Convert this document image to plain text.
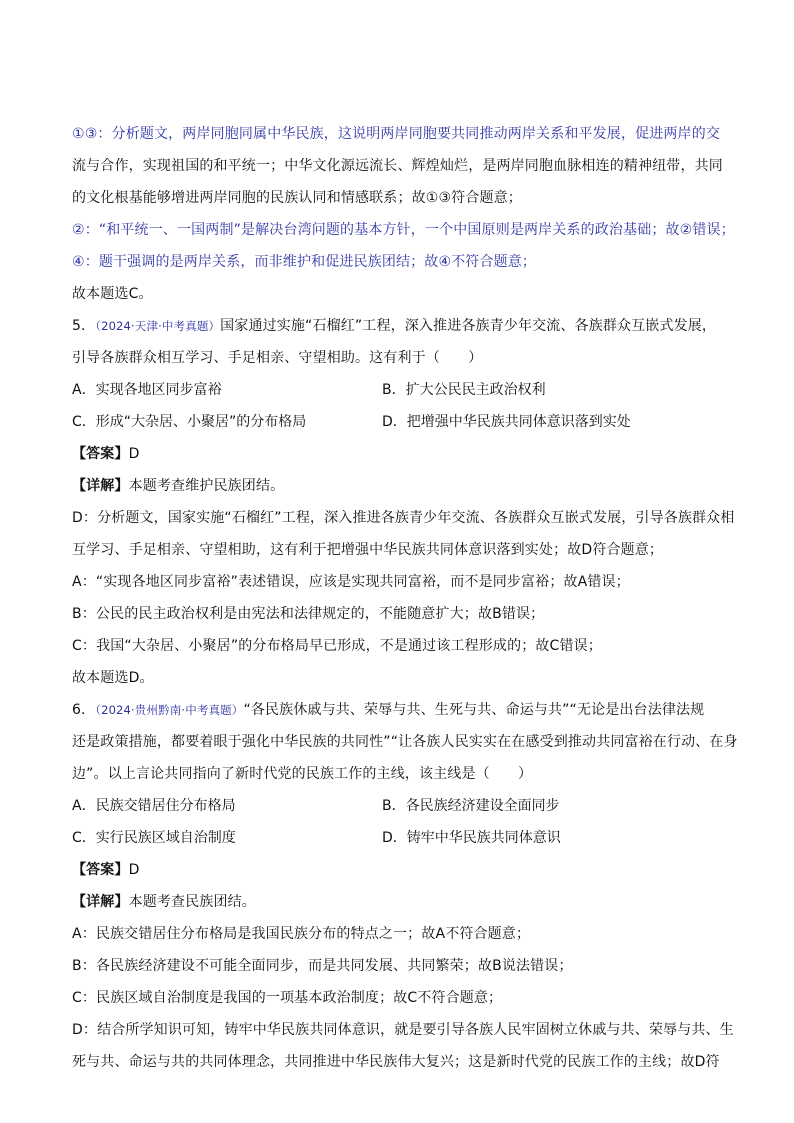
①③：分析题文，两岸同胞同属中华民族，这说明两岸同胞要共同推动两岸关系和平发展，促进两岸的交
流与合作，实现祖国的和平统一；中华文化源远流长、辉煌灿烂，是两岸同胞血脉相连的精神纽带，共同
的文化根基能够增进两岸同胞的民族认同和情感联系；故①③符合题意；
②：“和平统一、一国两制”是解决台湾问题的基本方针，一个中国原则是两岸关系的政治基础；故②错误；
④：题干强调的是两岸关系，而非维护和促进民族团结；故④不符合题意；
故本题选C。
5．（2024·天津·中考真题）国家通过实施“石榴红”工程，深入推进各族青少年交流、各族群众互嵌式发展，
引导各族群众相互学习、手足相亲、守望相助。这有利于（　　）
A．实现各地区同步富裕	B．扩大公民民主政治权利
C．形成“大杂居、小聚居”的分布格局	D．把增强中华民族共同体意识落到实处
【答案】D
【详解】本题考查维护民族团结。
D：分析题文，国家实施“石榴红”工程，深入推进各族青少年交流、各族群众互嵌式发展，引导各族群众相
互学习、手足相亲、守望相助，这有利于把增强中华民族共同体意识落到实处；故D符合题意；
A：“实现各地区同步富裕”表述错误，应该是实现共同富裕，而不是同步富裕；故A错误；
B：公民的民主政治权利是由宪法和法律规定的，不能随意扩大；故B错误；
C：我国“大杂居、小聚居”的分布格局早已形成，不是通过该工程形成的；故C错误；
故本题选D。
6．（2024·贵州黔南·中考真题）“各民族休戚与共、荣辱与共、生死与共、命运与共”“无论是出台法律法规
还是政策措施，都要着眼于强化中华民族的共同性”“让各族人民实实在在感受到推动共同富裕在行动、在身
边”。以上言论共同指向了新时代党的民族工作的主线，该主线是（　　）
A．民族交错居住分布格局	B．各民族经济建设全面同步
C．实行民族区域自治制度	D．铸牢中华民族共同体意识
【答案】D
【详解】本题考查民族团结。
A：民族交错居住分布格局是我国民族分布的特点之一；故A不符合题意；
B：各民族经济建设不可能全面同步，而是共同发展、共同繁荣；故B说法错误；
C：民族区域自治制度是我国的一项基本政治制度；故C不符合题意；
D：结合所学知识可知，铸牢中华民族共同体意识，就是要引导各族人民牢固树立休戚与共、荣辱与共、生
死与共、命运与共的共同体理念，共同推进中华民族伟大复兴；这是新时代党的民族工作的主线；故D符
